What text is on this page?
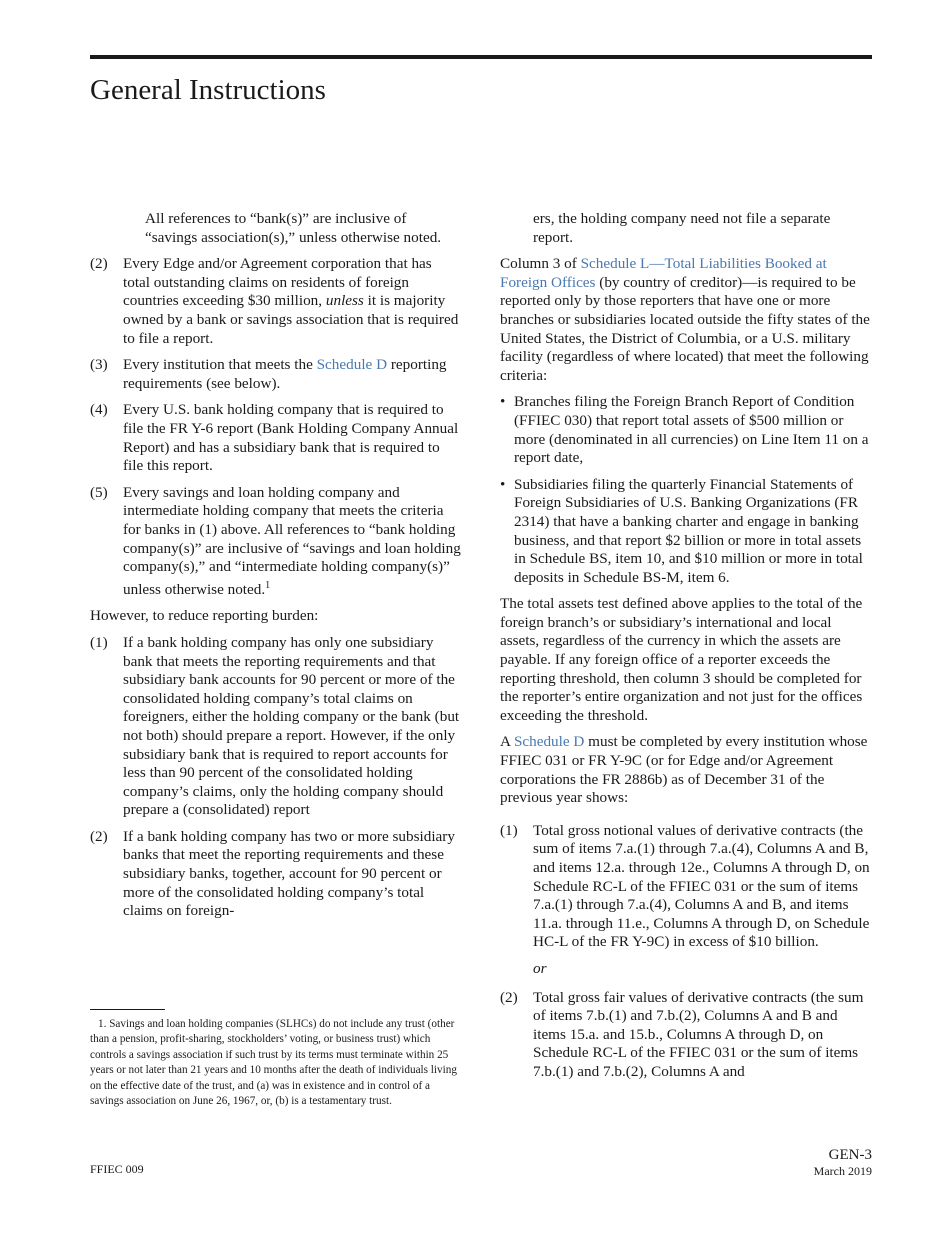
General Instructions

All references to “bank(s)” are inclusive of “savings association(s),” unless otherwise noted.

(2)	Every Edge and/or Agreement corporation that has total outstanding claims on residents of foreign countries exceeding $30 million, unless it is majority owned by a bank or savings association that is required to file a report.
(3)	Every institution that meets the Schedule D reporting requirements (see below).
(4)	Every U.S. bank holding company that is required to file the FR Y-6 report (Bank Holding Company Annual Report) and has a subsidiary bank that is required to file this report.
(5)	Every savings and loan holding company and intermediate holding company that meets the criteria for banks in (1) above. All references to “bank holding company(s)” are inclusive of “savings and loan holding company(s),” and “intermediate holding company(s)” unless otherwise noted.$^1$

However, to reduce reporting burden:

(1)	If a bank holding company has only one subsidiary bank that meets the reporting requirements and that subsidiary bank accounts for 90 percent or more of the consolidated holding company’s total claims on foreigners, either the holding company or the bank (but not both) should prepare a report. However, if the only subsidiary bank that is required to report accounts for less than 90 percent of the consolidated holding company’s claims, only the holding company should prepare a (consolidated) report
(2)	If a bank holding company has two or more subsidiary banks that meet the reporting requirements and these subsidiary banks, together, account for 90 percent or more of the consolidated holding company’s total claims on foreign-

ers, the holding company need not file a separate report.

Column 3 of Schedule L—Total Liabilities Booked at Foreign Offices (by country of creditor)—is required to be reported only by those reporters that have one or more branches or subsidiaries located outside the fifty states of the United States, the District of Columbia, or a U.S. military facility (regardless of where located) that meet the following criteria:

• Branches filing the Foreign Branch Report of Condition (FFIEC 030) that report total assets of $500 million or more (denominated in all currencies) on Line Item 11 on a report date,
• Subsidiaries filing the quarterly Financial Statements of Foreign Subsidiaries of U.S. Banking Organizations (FR 2314) that have a banking charter and engage in banking business, and that report $2 billion or more in total assets in Schedule BS, item 10, and $10 million or more in total deposits in Schedule BS-M, item 6.

The total assets test defined above applies to the total of the foreign branch’s or subsidiary’s international and local assets, regardless of the currency in which the assets are payable. If any foreign office of a reporter exceeds the reporting threshold, then column 3 should be completed for the reporter’s entire organization and not just for the offices exceeding the threshold.

A Schedule D must be completed by every institution whose FFIEC 031 or FR Y-9C (or for Edge and/or Agreement corporations the FR 2886b) as of December 31 of the previous year shows:

(1)	Total gross notional values of derivative contracts (the sum of items 7.a.(1) through 7.a.(4), Columns A and B, and items 12.a. through 12e., Columns A through D, on Schedule RC-L of the FFIEC 031 or the sum of items 7.a.(1) through 7.a.(4), Columns A and B, and items 11.a. through 11.e., Columns A through D, on Schedule HC-L of the FR Y-9C) in excess of $10 billion.

or

(2)	Total gross fair values of derivative contracts (the sum of items 7.b.(1) and 7.b.(2), Columns A and B and items 15.a. and 15.b., Columns A through D, on Schedule RC-L of the FFIEC 031 or the sum of items 7.b.(1) and 7.b.(2), Columns A and

1. Savings and loan holding companies (SLHCs) do not include any trust (other than a pension, profit-sharing, stockholders’ voting, or business trust) which controls a savings association if such trust by its terms must terminate within 25 years or not later than 21 years and 10 months after the death of individuals living on the effective date of the trust, and (a) was in existence and in control of a savings association on June 26, 1967, or, (b) is a testamentary trust.

FFIEC 009
GEN-3
March 2019
